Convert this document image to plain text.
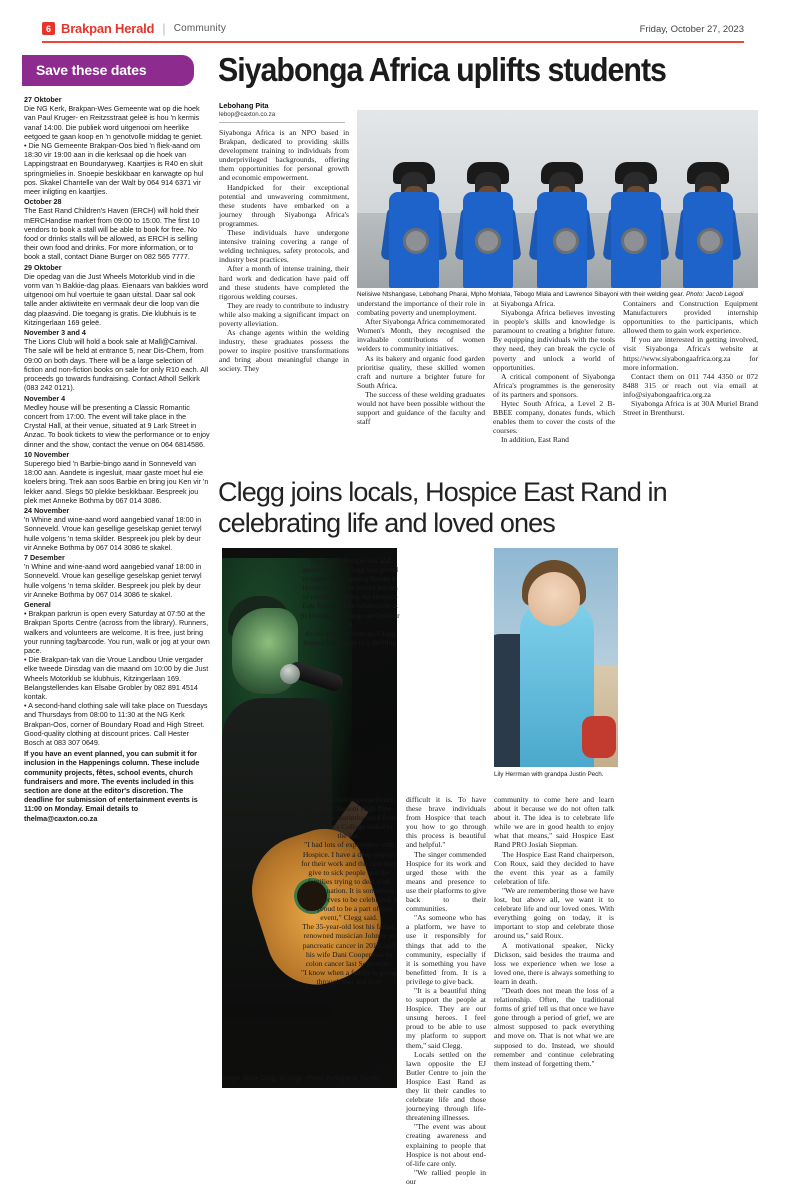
6 Brakpan Herald | Community	Friday, October 27, 2023
Save these dates
27 Oktober
Die NG Kerk, Brakpan-Wes Gemeente wat op die hoek van Paul Kruger- en Reitzsstraat geleë is hou 'n kermis vanaf 14:00. Die publiek word uitgenooi om heerlike eetgoed te gaan koop en 'n genotvolle middag te geniet.
• Die NG Gemeente Brakpan-Oos bied 'n fliek-aand om 18:30 vir 19:00 aan in die kerksaal op die hoek van Lappingstraat en Boundaryweg. Kaartjies is R40 en sluit springmielies in. Snoepie beskikbaar en karwagte op hul pos. Skakel Chantelle van der Walt by 064 914 6371 vir meer inligting en kaartjies.
October 28
The East Rand Children's Haven (ERCH) will hold their mERCHandise market from 09:00 to 15:00. The first 10 vendors to book a stall will be able to book for free. No food or drinks stalls will be allowed, as ERCH is selling their own food and drinks. For more information, or to book a stall, contact Diane Burger on 082 565 7777.
29 Oktober
Die opedag van die Just Wheels Motorklub vind in die vorm van 'n Bakkie-dag plaas. Eienaars van bakkies word uitgenooi om hul voertuie te gaan uitstal. Daar sal ook talle ander aktiwiteite en vermaak deur die loop van die dag plaasvind. Die toegang is gratis. Die klubhuis is te Kitzingerlaan 169 geleë.
November 3 and 4
The Lions Club will hold a book sale at Mall@Carnival. The sale will be held at entrance 5, near Dis-Chem, from 09:00 on both days. There will be a large selection of fiction and non-fiction books on sale for only R10 each. All proceeds go towards fundraising. Contact Atholl Selkirk (083 242 0121).
November 4
Medley house will be presenting a Classic Romantic concert from 17:00. The event will take place in the Crystal Hall, at their venue, situated at 9 Lark Street in Anzac. To book tickets to view the performance or to enjoy dinner and the show, contact the venue on 064 6814586.
10 November
Superego bied 'n Barbie-bingo aand in Sonneveld van 18:00 aan. Aandete is ingesluit, maar gaste moet hul eie koelers bring. Trek aan soos Barbie en bring jou Ken vir 'n lekker aand. Slegs 50 plekke beskikbaar. Bespreek jou plek met Anneke Bothma by 067 014 3086.
24 November
'n Whine and wine-aand word aangebied vanaf 18:00 in Sonneveld. Vroue kan gesellige geselskap geniet terwyl hulle volgens 'n tema skilder. Bespreek jou plek by deur vir Anneke Bothma by 067 014 3086 te skakel.
7 Desember
'n Whine and wine-aand word aangebied vanaf 18:00 in Sonneveld. Vroue kan gesellige geselskap geniet terwyl hulle volgens 'n tema skilder. Bespreek jou plek by deur vir Anneke Bothma by 067 014 3086 te skakel.
General
• Brakpan parkrun is open every Saturday at 07:50 at the Brakpan Sports Centre (across from the library). Runners, walkers and volunteers are welcome. It is free, just bring your running tag/barcode. You run, walk or jog at your own pace.
• Die Brakpan-tak van die Vroue Landbou Unie vergader elke tweede Dinsdag van die maand om 10:00 by die Just Wheels Motorklub se klubhuis, Kitzingerlaan 169. Belangstellendes kan Elsabe Grobler by 082 891 4514 kontak.
• A second-hand clothing sale will take place on Tuesdays and Thursdays from 08:00 to 11:30 at the NG Kerk Brakpan-Oos, corner of Boundary Road and High Street. Good-quality clothing at discount prices. Call Hester Bosch at 083 307 0649.
If you have an event planned, you can submit it for inclusion in the Happenings column. These include community projects, fêtes, school events, church fundraisers and more. The events included in this section are done at the editor's discretion. The deadline for submission of entertainment events is 11:00 on Monday. Email details to thelma@caxton.co.za
Siyabonga Africa uplifts students
Lebohang Pita
lebop@caxton.co.za
Nelisiwe Ntshangase, Lebohang Pharai, Mpho Mohlala, Tebogo Mlala and Lawrence Sibayoni with their welding gear. Photo: Jacob Legodi

Siyabonga Africa is an NPO based in Brakpan, dedicated to providing skills development training to individuals from underprivileged backgrounds, offering them opportunities for personal growth and economic empowerment.

Handpicked for their exceptional potential and unwavering commitment, these students have embarked on a journey through Siyabonga Africa's programmes.

These individuals have undergone intensive training covering a range of welding techniques, safety protocols, and industry best practices.

After a month of intense training, their hard work and dedication have paid off and these students have completed the rigorous welding courses.

They are ready to contribute to industry while also making a significant impact on poverty alleviation.

As change agents within the welding industry, these graduates possess the power to inspire positive transformations and bring about meaningful change in society. They

understand the importance of their role in combating poverty and unemployment.

After Siyabonga Africa commemorated Women's Month, they recognised the invaluable contributions of women welders to community initiatives.

As its bakery and organic food garden prioritise quality, these skilled women craft and nurture a brighter future for South Africa.

The success of these welding graduates would not have been possible without the support and guidance of the faculty and staff

at Siyabonga Africa.

Siyabonga Africa believes investing in people's skills and knowledge is paramount to creating a brighter future. By equipping individuals with the tools they need, they can break the cycle of poverty and unlock a world of opportunities.

A critical component of Siyabonga Africa's programmes is the generosity of its partners and sponsors.

Hytec South Africa, a Level 2 B-BBEE company, donates funds, which enables them to cover the costs of the courses.

In addition, East Rand

Containers and Construction Equipment Manufacturers provided internship opportunities to the participants, which allowed them to gain work experience.

If you are interested in getting involved, visit Siyabonga Africa's website at https://www.siyabongaafrica.org.za for more information.

Contact them on 011 744 4350 or 072 8488 315 or reach out via email at info@siyabongaafrica.org.za

Siyabonga Africa is at 30A Muriel Brand Street in Brenthurst.

Clegg joins locals, Hospice East Rand in celebrating life and loved ones
Lily Herrman with grandpa Justin Pech.
Singer Jesse Clegg on stage. Photo: Portuguese Forum.

The singer, songwriter and guitarist Jesse Clegg was proud to support the unsung heroes at Hospice when he joined hordes of residents during the Hospice East Rand candle celebration at St Dunstan's College on October 14.

As the guest of honour, Clegg treated the guests to a thrilling

music and dancing experience, while the Benoni High Pipe Band and a marimba band from St Dustan's College added to the fun.

"I had lots of experience with Hospice. I have a deep respect for their work and the care they give to sick people and the families trying to deal with their situation. It is something that deserves to be celebrated. I am proud to be a part of this event," Clegg said.

The 35-year-old lost his father, renowned musician Johnny to pancreatic cancer in 2019, and his wife Dani Cooperman to colon cancer last September.

"I know when a family is going through that and how

difficult it is. To have these brave individuals from Hospice that teach you how to go through this process is beautiful and helpful."

The singer commended Hospice for its work and urged those with the means and presence to use their platforms to give back to their communities.

"As someone who has a platform, we have to use it responsibly for things that add to the community, especially if it is something you have benefitted from. It is a privilege to give back.

"It is a beautiful thing to support the people at Hospice. They are our unsung heroes. I feel proud to be able to use my platform to support them," said Clegg.

Locals settled on the lawn opposite the EJ Butler Centre to join the Hospice East Rand as they lit their candles to celebrate life and those journeying through life-threatening illnesses.

"The event was about creating awareness and explaining to people that Hospice is not about end-of-life care only.

"We rallied people in our

community to come here and learn about it because we do not often talk about it. The idea is to celebrate life while we are in good health to enjoy what that means," said Hospice East Rand PRO Josiah Siepman.

The Hospice East Rand chairperson, Con Roux, said they decided to have the event this year as a family celebration of life.

"We are remembering those we have lost, but above all, we want it to celebrate life and our loved ones. With everything going on today, it is important to stop and celebrate those around us," said Roux.

A motivational speaker, Nicky Dickson, said besides the trauma and loss we experience when we lose a loved one, there is always something to learn in death.

"Death does not mean the loss of a relationship. Often, the traditional forms of grief tell us that once we have gone through a period of grief, we are almost supposed to pack everything and move on. That is not what we are supposed to do. Instead, we should remember and continue celebrating them instead of forgetting them."
